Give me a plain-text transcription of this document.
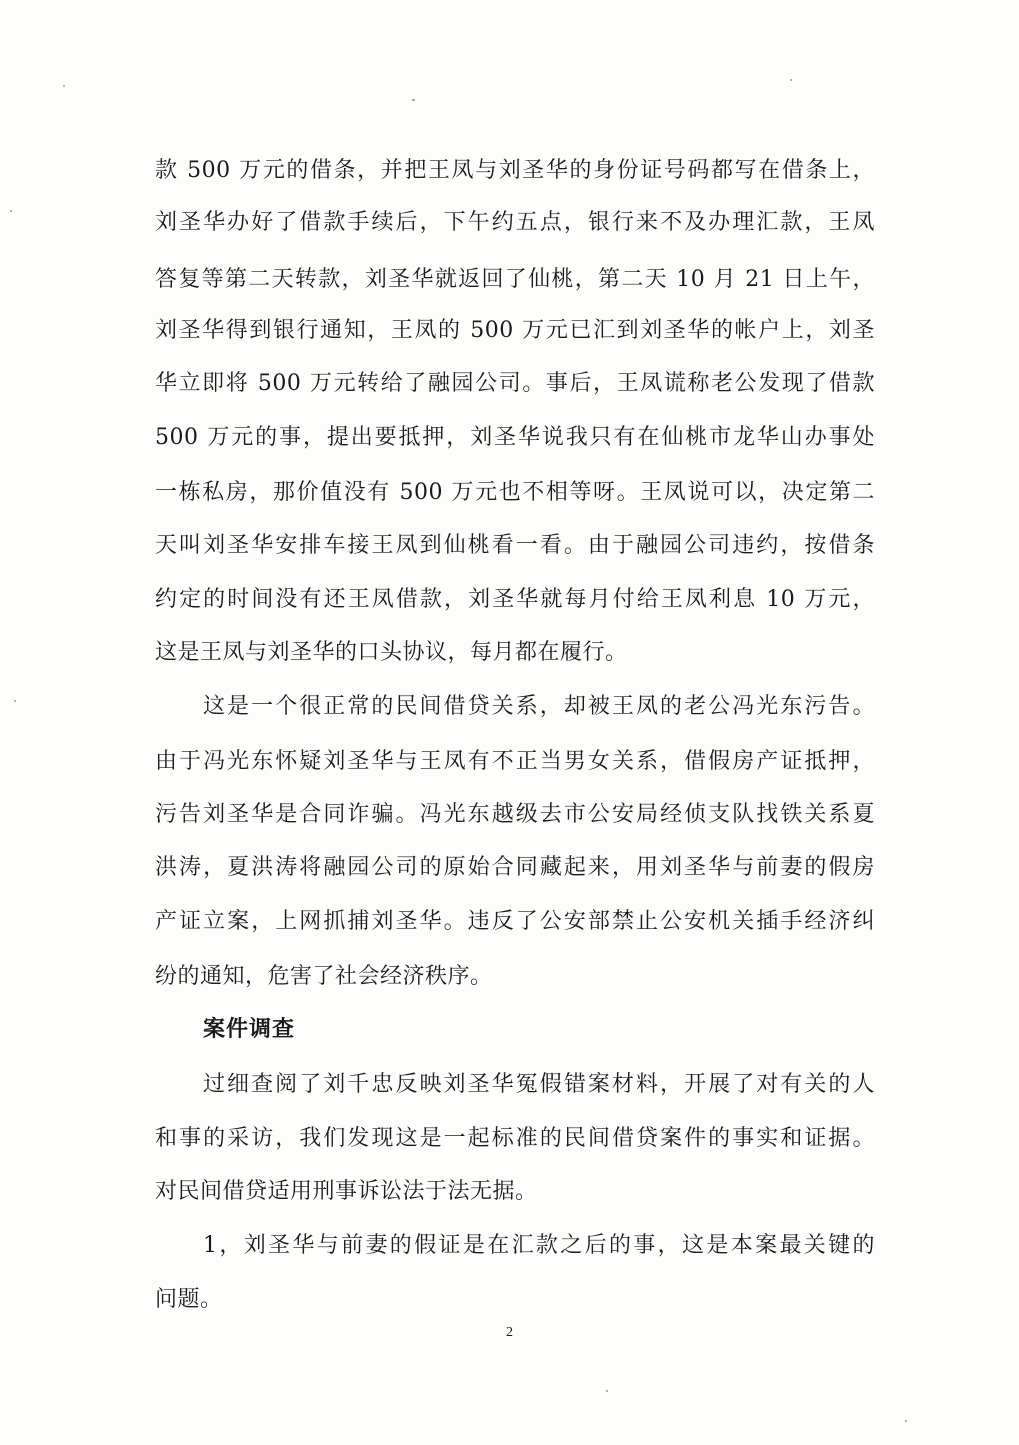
款 500 万元的借条，并把王凤与刘圣华的身份证号码都写在借条上，
刘圣华办好了借款手续后，下午约五点，银行来不及办理汇款，王凤
答复等第二天转款，刘圣华就返回了仙桃，第二天 10 月 21 日上午，
刘圣华得到银行通知，王凤的 500 万元已汇到刘圣华的帐户上，刘圣
华立即将 500 万元转给了融园公司。事后，王凤谎称老公发现了借款
500 万元的事，提出要抵押，刘圣华说我只有在仙桃市龙华山办事处
一栋私房，那价值没有 500 万元也不相等呀。王凤说可以，决定第二
天叫刘圣华安排车接王凤到仙桃看一看。由于融园公司违约，按借条
约定的时间没有还王凤借款，刘圣华就每月付给王凤利息 10 万元，
这是王凤与刘圣华的口头协议，每月都在履行。
这是一个很正常的民间借贷关系，却被王凤的老公冯光东污告。
由于冯光东怀疑刘圣华与王凤有不正当男女关系，借假房产证抵押，
污告刘圣华是合同诈骗。冯光东越级去市公安局经侦支队找铁关系夏
洪涛，夏洪涛将融园公司的原始合同藏起来，用刘圣华与前妻的假房
产证立案，上网抓捕刘圣华。违反了公安部禁止公安机关插手经济纠
纷的通知，危害了社会经济秩序。
案件调查
过细查阅了刘千忠反映刘圣华冤假错案材料，开展了对有关的人
和事的采访，我们发现这是一起标准的民间借贷案件的事实和证据。
对民间借贷适用刑事诉讼法于法无据。
1，刘圣华与前妻的假证是在汇款之后的事，这是本案最关键的
问题。
2
